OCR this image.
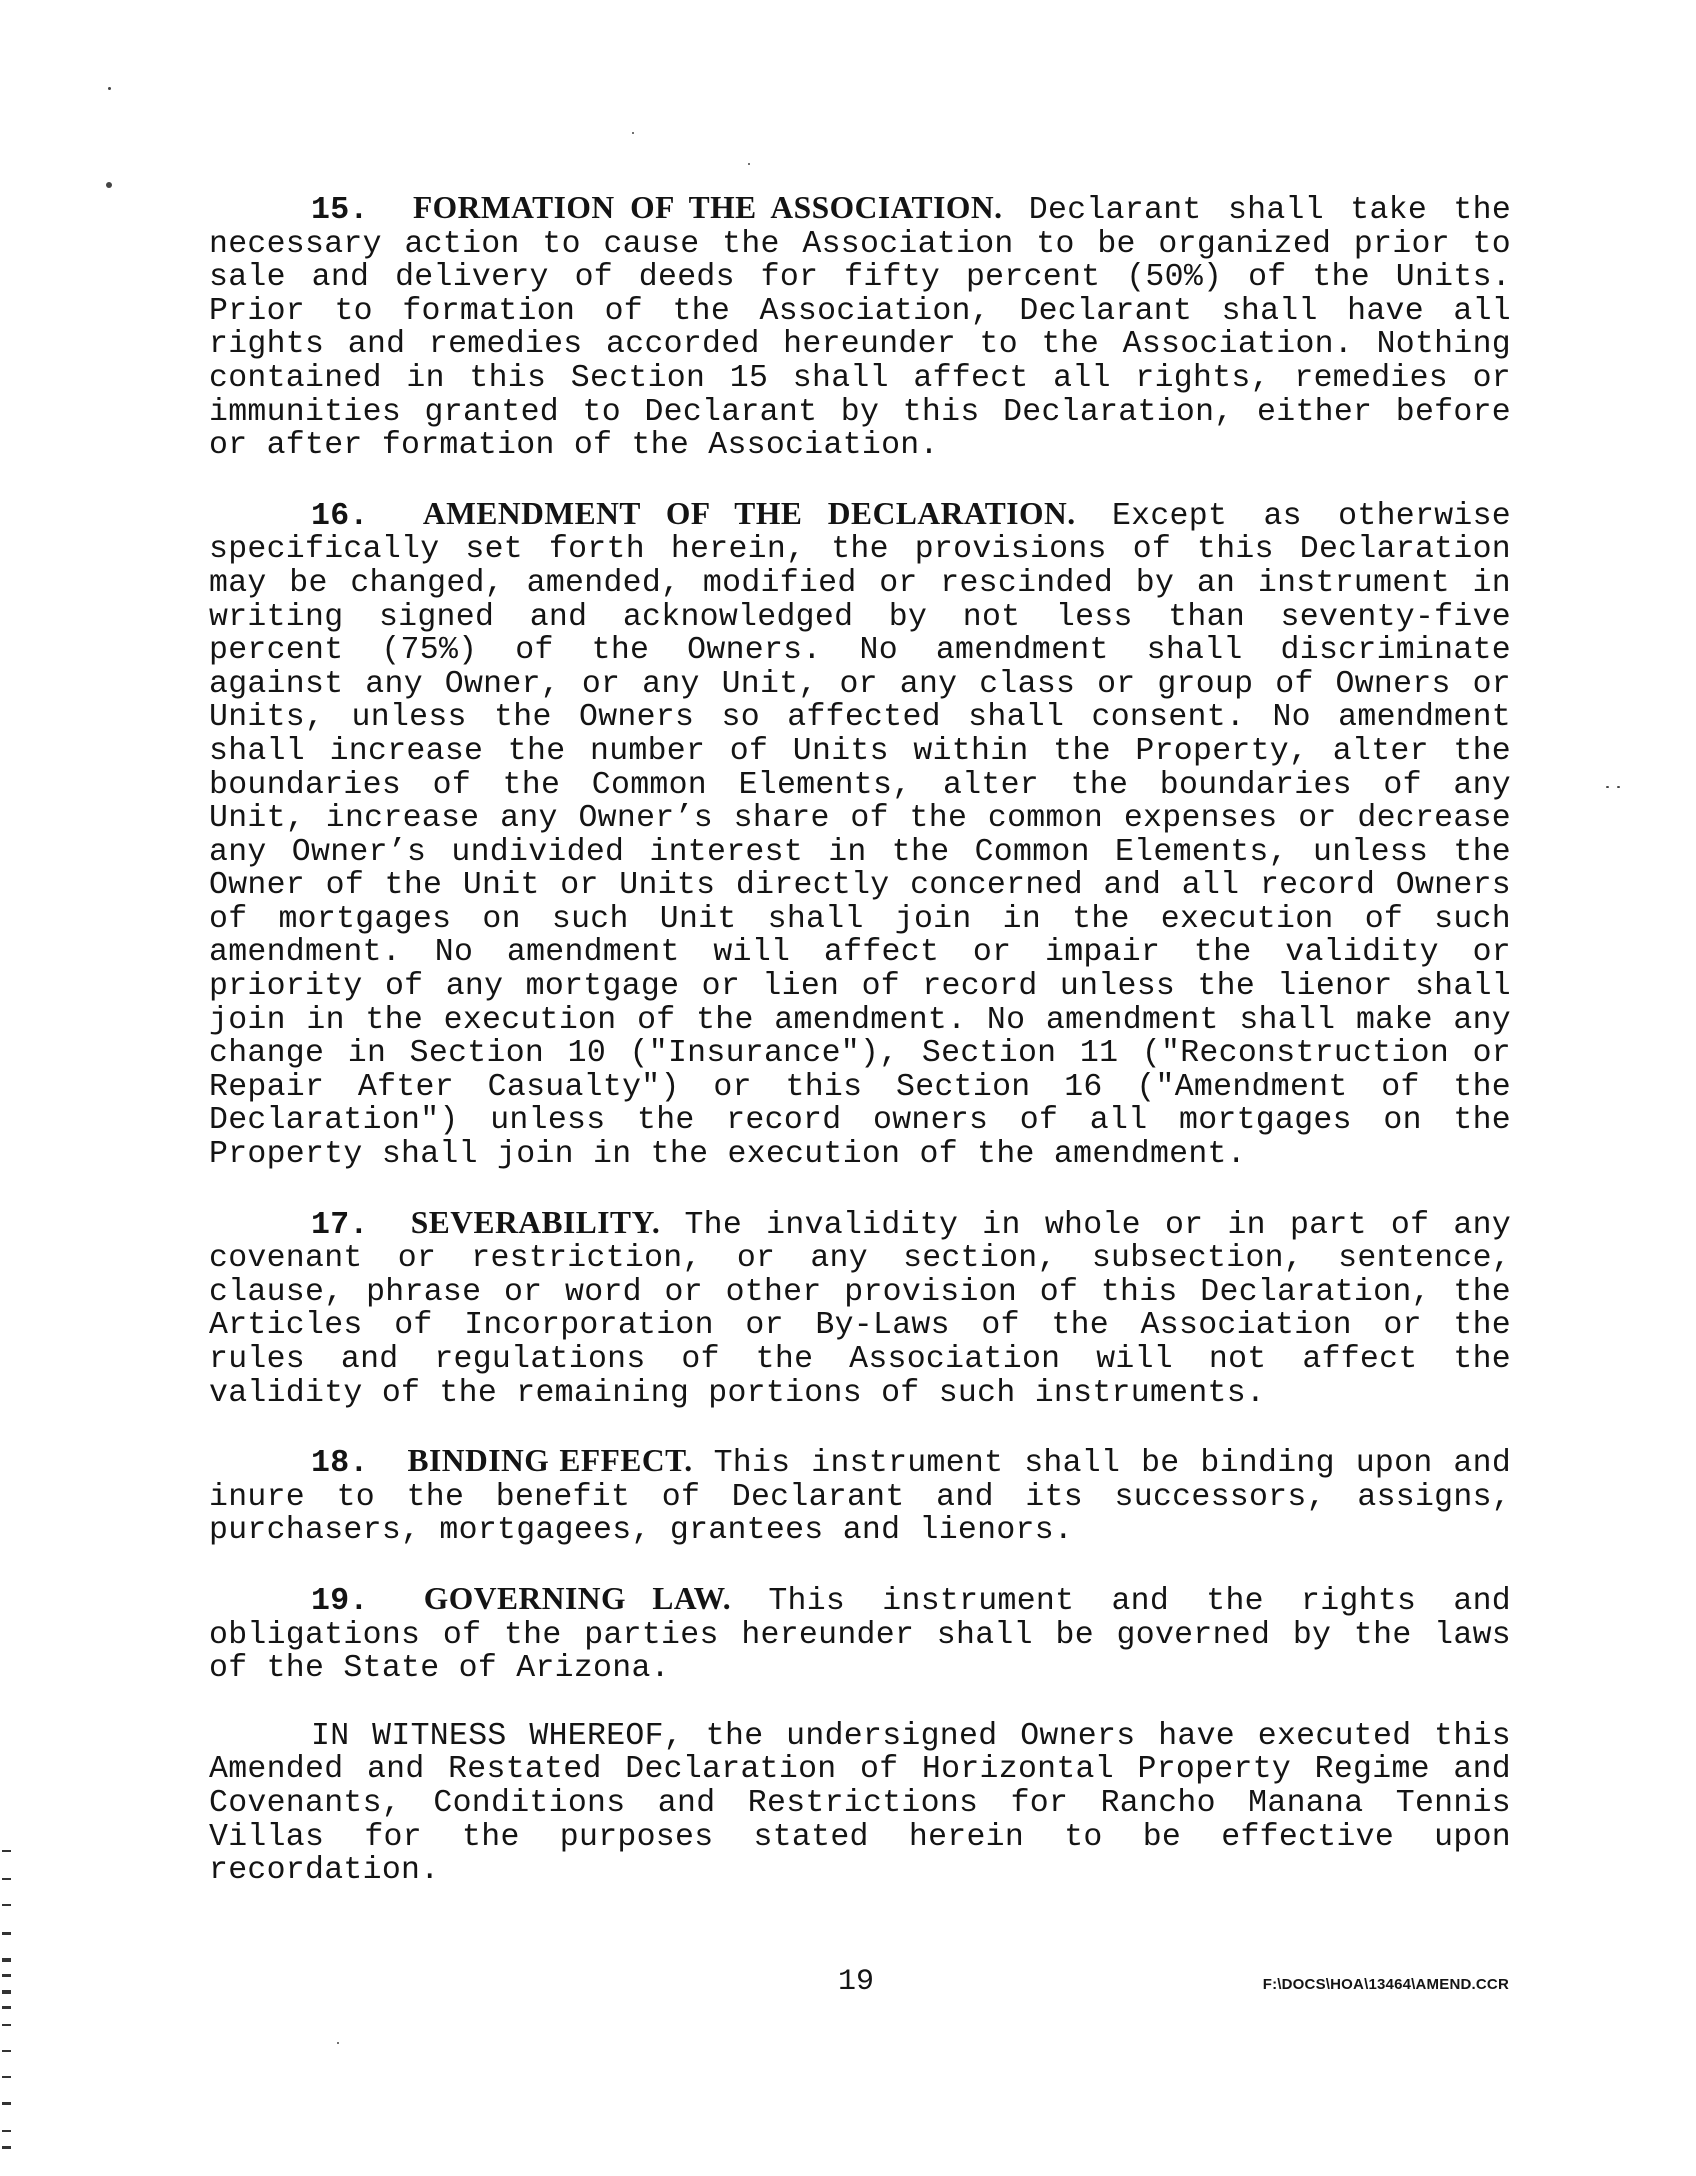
15. FORMATION OF THE ASSOCIATION. Declarant shall take the necessary action to cause the Association to be organized prior to sale and delivery of deeds for fifty percent (50%) of the Units. Prior to formation of the Association, Declarant shall have all rights and remedies accorded hereunder to the Association. Nothing contained in this Section 15 shall affect all rights, remedies or immunities granted to Declarant by this Declaration, either before or after formation of the Association.

16. AMENDMENT OF THE DECLARATION. Except as otherwise specifically set forth herein, the provisions of this Declaration may be changed, amended, modified or rescinded by an instrument in writing signed and acknowledged by not less than seventy-five percent (75%) of the Owners. No amendment shall discriminate against any Owner, or any Unit, or any class or group of Owners or Units, unless the Owners so affected shall consent. No amendment shall increase the number of Units within the Property, alter the boundaries of the Common Elements, alter the boundaries of any Unit, increase any Owner’s share of the common expenses or decrease any Owner’s undivided interest in the Common Elements, unless the Owner of the Unit or Units directly concerned and all record Owners of mortgages on such Unit shall join in the execution of such amendment. No amendment will affect or impair the validity or priority of any mortgage or lien of record unless the lienor shall join in the execution of the amendment. No amendment shall make any change in Section 10 ("Insurance"), Section 11 ("Reconstruction or Repair After Casualty") or this Section 16 ("Amendment of the Declaration") unless the record owners of all mortgages on the Property shall join in the execution of the amendment.

17. SEVERABILITY. The invalidity in whole or in part of any covenant or restriction, or any section, subsection, sentence, clause, phrase or word or other provision of this Declaration, the Articles of Incorporation or By-Laws of the Association or the rules and regulations of the Association will not affect the validity of the remaining portions of such instruments.

18. BINDING EFFECT. This instrument shall be binding upon and inure to the benefit of Declarant and its successors, assigns, purchasers, mortgagees, grantees and lienors.

19. GOVERNING LAW. This instrument and the rights and obligations of the parties hereunder shall be governed by the laws of the State of Arizona.

IN WITNESS WHEREOF, the undersigned Owners have executed this Amended and Restated Declaration of Horizontal Property Regime and Covenants, Conditions and Restrictions for Rancho Manana Tennis Villas for the purposes stated herein to be effective upon recordation.

19	F:\DOCS\HOA\13464\AMEND.CCR
